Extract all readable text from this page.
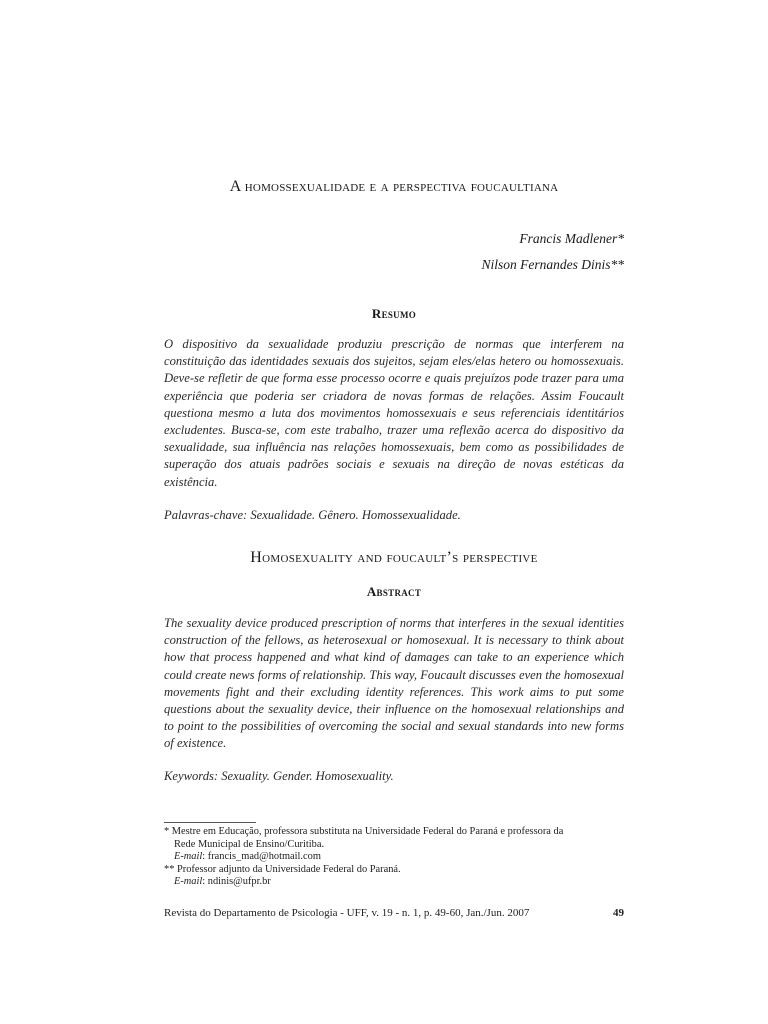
A homossexualidade e a perspectiva foucaultiana
Francis Madlener*
Nilson Fernandes Dinis**
Resumo
O dispositivo da sexualidade produziu prescrição de normas que interferem na constituição das identidades sexuais dos sujeitos, sejam eles/elas hetero ou homossexuais. Deve-se refletir de que forma esse processo ocorre e quais prejuízos pode trazer para uma experiência que poderia ser criadora de novas formas de relações. Assim Foucault questiona mesmo a luta dos movimentos homossexuais e seus referenciais identitários excludentes. Busca-se, com este trabalho, trazer uma reflexão acerca do dispositivo da sexualidade, sua influência nas relações homossexuais, bem como as possibilidades de superação dos atuais padrões sociais e sexuais na direção de novas estéticas da existência.
Palavras-chave: Sexualidade. Gênero. Homossexualidade.
Homosexuality and foucault’s perspective
Abstract
The sexuality device produced prescription of norms that interferes in the sexual identities construction of the fellows, as heterosexual or homosexual. It is necessary to think about how that process happened and what kind of damages can take to an experience which could create news forms of relationship. This way, Foucault discusses even the homosexual movements fight and their excluding identity references. This work aims to put some questions about the sexuality device, their influence on the homosexual relationships and to point to the possibilities of overcoming the social and sexual standards into new forms of existence.
Keywords: Sexuality. Gender. Homosexuality.
* Mestre em Educação, professora substituta na Universidade Federal do Paraná e professora da
Rede Municipal de Ensino/Curitiba.
E-mail: francis_mad@hotmail.com
** Professor adjunto da Universidade Federal do Paraná.
E-mail: ndinis@ufpr.br
Revista do Departamento de Psicologia - UFF, v. 19 - n. 1, p. 49-60, Jan./Jun. 2007	49
